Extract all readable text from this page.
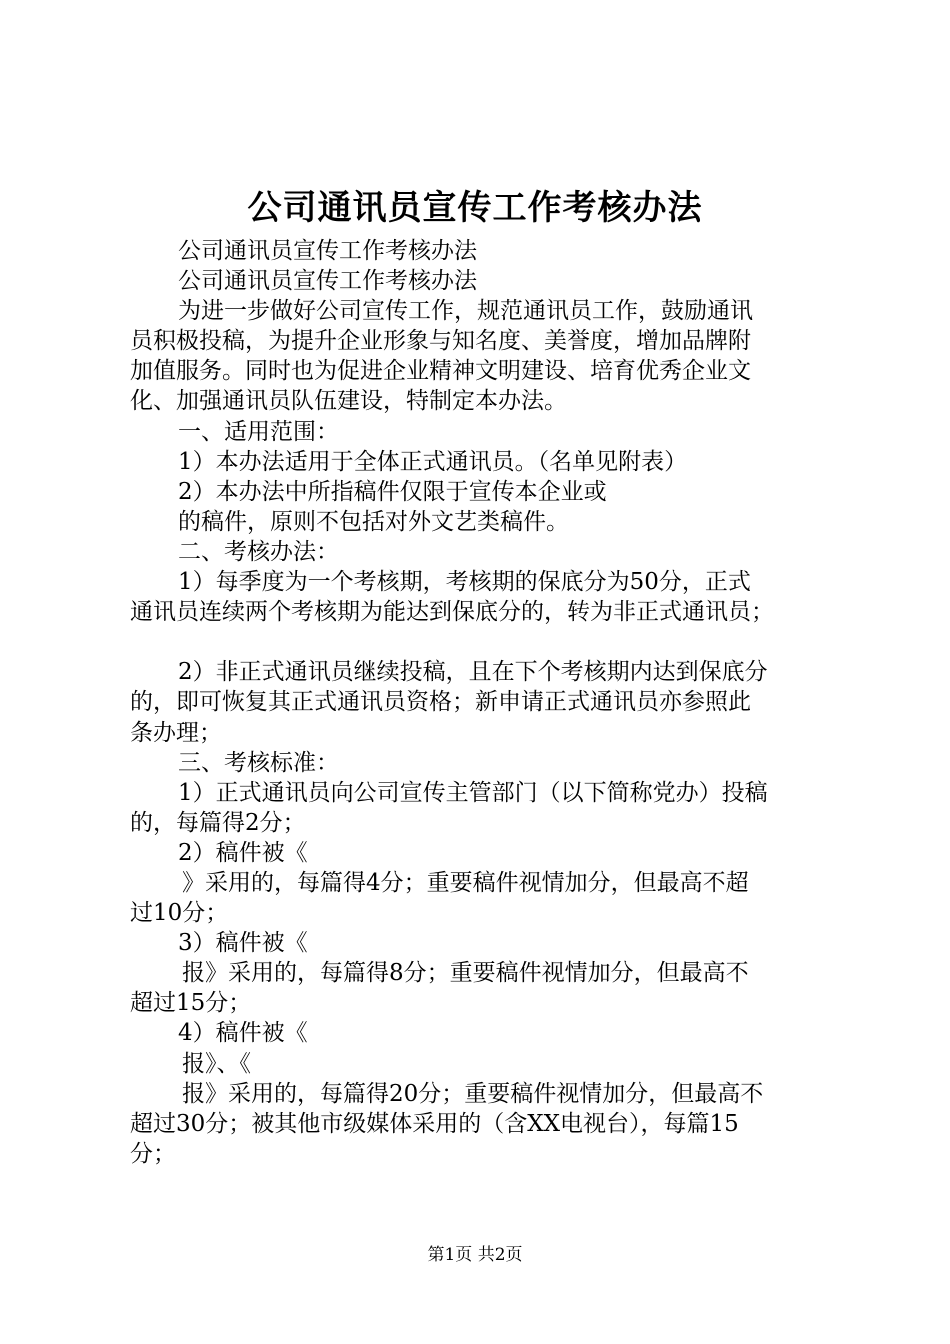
公司通讯员宣传工作考核办法
公司通讯员宣传工作考核办法
公司通讯员宣传工作考核办法
为进一步做好公司宣传工作，规范通讯员工作，鼓励通讯
员积极投稿，为提升企业形象与知名度、美誉度，增加品牌附
加值服务。同时也为促进企业精神文明建设、培育优秀企业文
化、加强通讯员队伍建设，特制定本办法。
一、适用范围：
1）本办法适用于全体正式通讯员。（名单见附表）
2）本办法中所指稿件仅限于宣传本企业或
的稿件，原则不包括对外文艺类稿件。
二、考核办法：
1）每季度为一个考核期，考核期的保底分为50分，正式
通讯员连续两个考核期为能达到保底分的，转为非正式通讯员；
2）非正式通讯员继续投稿，且在下个考核期内达到保底分
的，即可恢复其正式通讯员资格；新申请正式通讯员亦参照此
条办理；
三、考核标准：
1）正式通讯员向公司宣传主管部门（以下简称党办）投稿
的，每篇得2分；
2）稿件被《
》采用的，每篇得4分；重要稿件视情加分，但最高不超
过10分；
3）稿件被《
报》采用的，每篇得8分；重要稿件视情加分，但最高不
超过15分；
4）稿件被《
报》、《
报》采用的，每篇得20分；重要稿件视情加分，但最高不
超过30分；被其他市级媒体采用的（含XX电视台），每篇15
分；
第1页 共2页
